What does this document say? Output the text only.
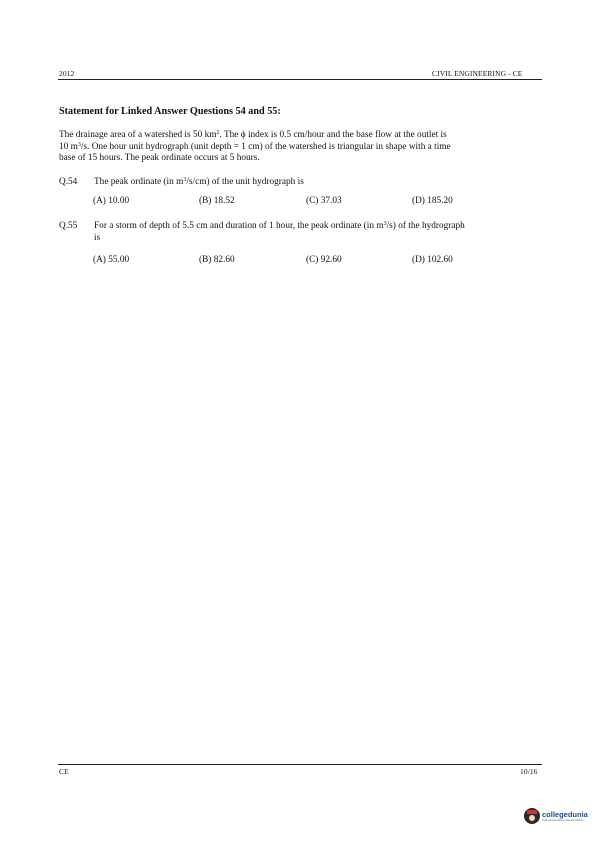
2012	CIVIL ENGINEERING - CE
Statement for Linked Answer Questions 54 and 55:
The drainage area of a watershed is 50 $km^2$. The ϕ index is 0.5 cm/hour and the base flow at the outlet is
10 $m^3/s$. One hour unit hydrograph (unit depth = 1 cm) of the watershed is triangular in shape with a time
base of 15 hours. The peak ordinate occurs at 5 hours.
Q.54 The peak ordinate (in $m^3/s/cm$) of the unit hydrograph is
(A) 10.00	(B) 18.52	(C) 37.03	(D) 185.20
Q.55 For a storm of depth of 5.5 cm and duration of 1 hour, the peak ordinate (in $m^3/s$) of the hydrograph
is
(A) 55.00	(B) 82.60	(C) 92.60	(D) 102.60
CE	10/16
collegedunia
India's largest Student Review Platform
